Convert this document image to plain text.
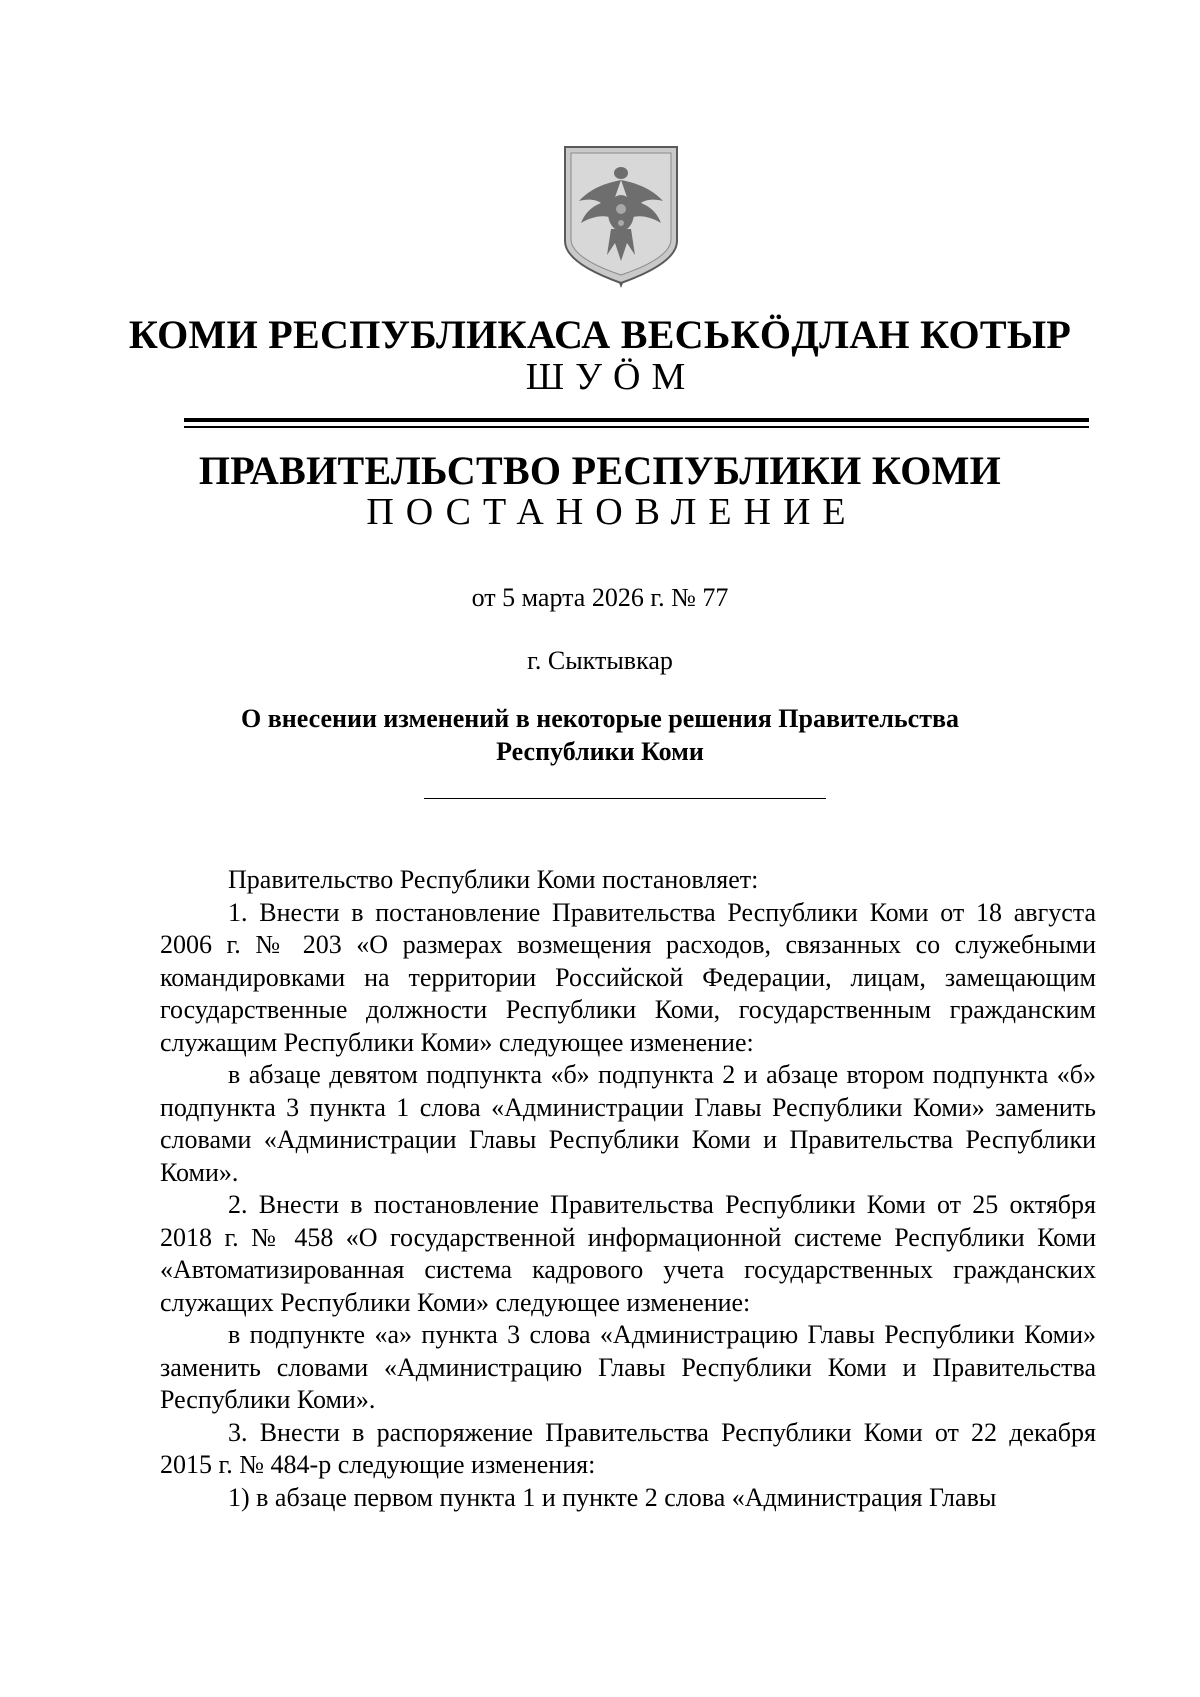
КОМИ РЕСПУБЛИКАСА ВЕСЬКӦДЛАН КОТЫР
ШУӦМ
ПРАВИТЕЛЬСТВО РЕСПУБЛИКИ КОМИ
ПОСТАНОВЛЕНИЕ
от 5 марта 2026 г. № 77
г. Сыктывкар
О внесении изменений в некоторые решения Правительства
Республики Коми

Правительство Республики Коми постановляет:

1. Внести в постановление Правительства Республики Коми от 18 августа 2006 г. № 203 «О размерах возмещения расходов, связанных со служебными командировками на территории Российской Федерации, лицам, замещающим государственные должности Республики Коми, государственным гражданским служащим Республики Коми» следующее изменение:

в абзаце девятом подпункта «б» подпункта 2 и абзаце втором подпункта «б» подпункта 3 пункта 1 слова «Администрации Главы Республики Коми» заменить словами «Администрации Главы Республики Коми и Правительства Республики Коми».

2. Внести в постановление Правительства Республики Коми от 25 октября 2018 г. № 458 «О государственной информационной системе Республики Коми «Автоматизированная система кадрового учета государственных гражданских служащих Республики Коми» следующее изменение:

в подпункте «а» пункта 3 слова «Администрацию Главы Республики Коми» заменить словами «Администрацию Главы Республики Коми и Правительства Республики Коми».

3. Внести в распоряжение Правительства Республики Коми от 22 декабря 2015 г. № 484-р следующие изменения:

1) в абзаце первом пункта 1 и пункте 2 слова «Администрация Главы
